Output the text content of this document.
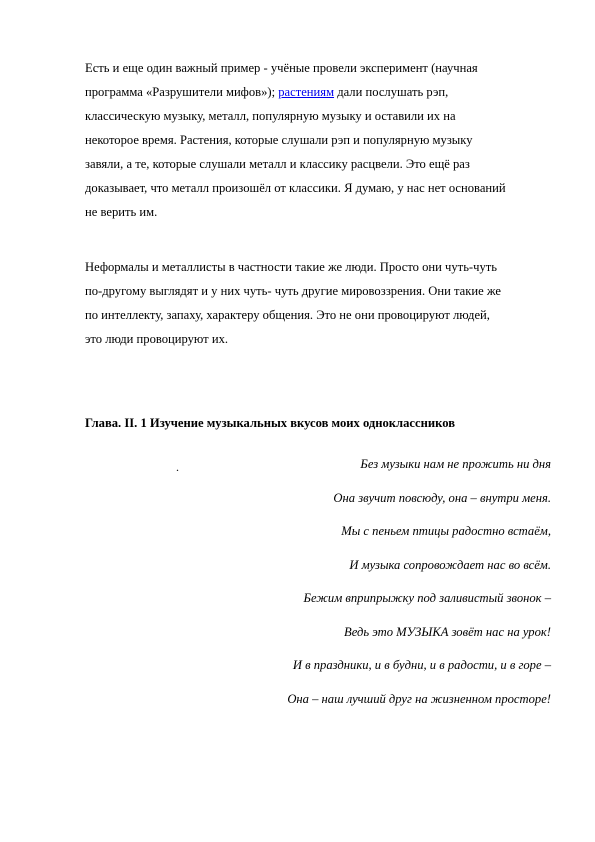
Есть и еще один важный пример - учёные провели эксперимент (научная
программа «Разрушители мифов»); растениям дали послушать рэп,
классическую музыку, металл, популярную музыку и оставили их на
некоторое время. Растения, которые слушали рэп и популярную музыку
завяли, а те, которые слушали металл и классику расцвели. Это ещё раз
доказывает, что металл произошёл от классики. Я думаю, у нас нет оснований
не верить им.
Неформалы и металлисты в частности такие же люди. Просто они чуть-чуть
по-другому выглядят и у них чуть- чуть другие мировоззрения. Они такие же
по интеллекту, запаху, характеру общения. Это не они провоцируют людей,
это люди провоцируют их.
Глава. II. 1 Изучение музыкальных вкусов моих одноклассников
.	Без музыки нам не прожить ни дня
Она звучит повсюду, она – внутри меня.
Мы с пеньем птицы радостно встаём,
И музыка сопровождает нас во всём.
Бежим вприпрыжку под заливистый звонок –
Ведь это МУЗЫКА зовёт нас на урок!
И в праздники, и в будни, и в радости, и в горе –
Она – наш лучший друг на жизненном просторе!
